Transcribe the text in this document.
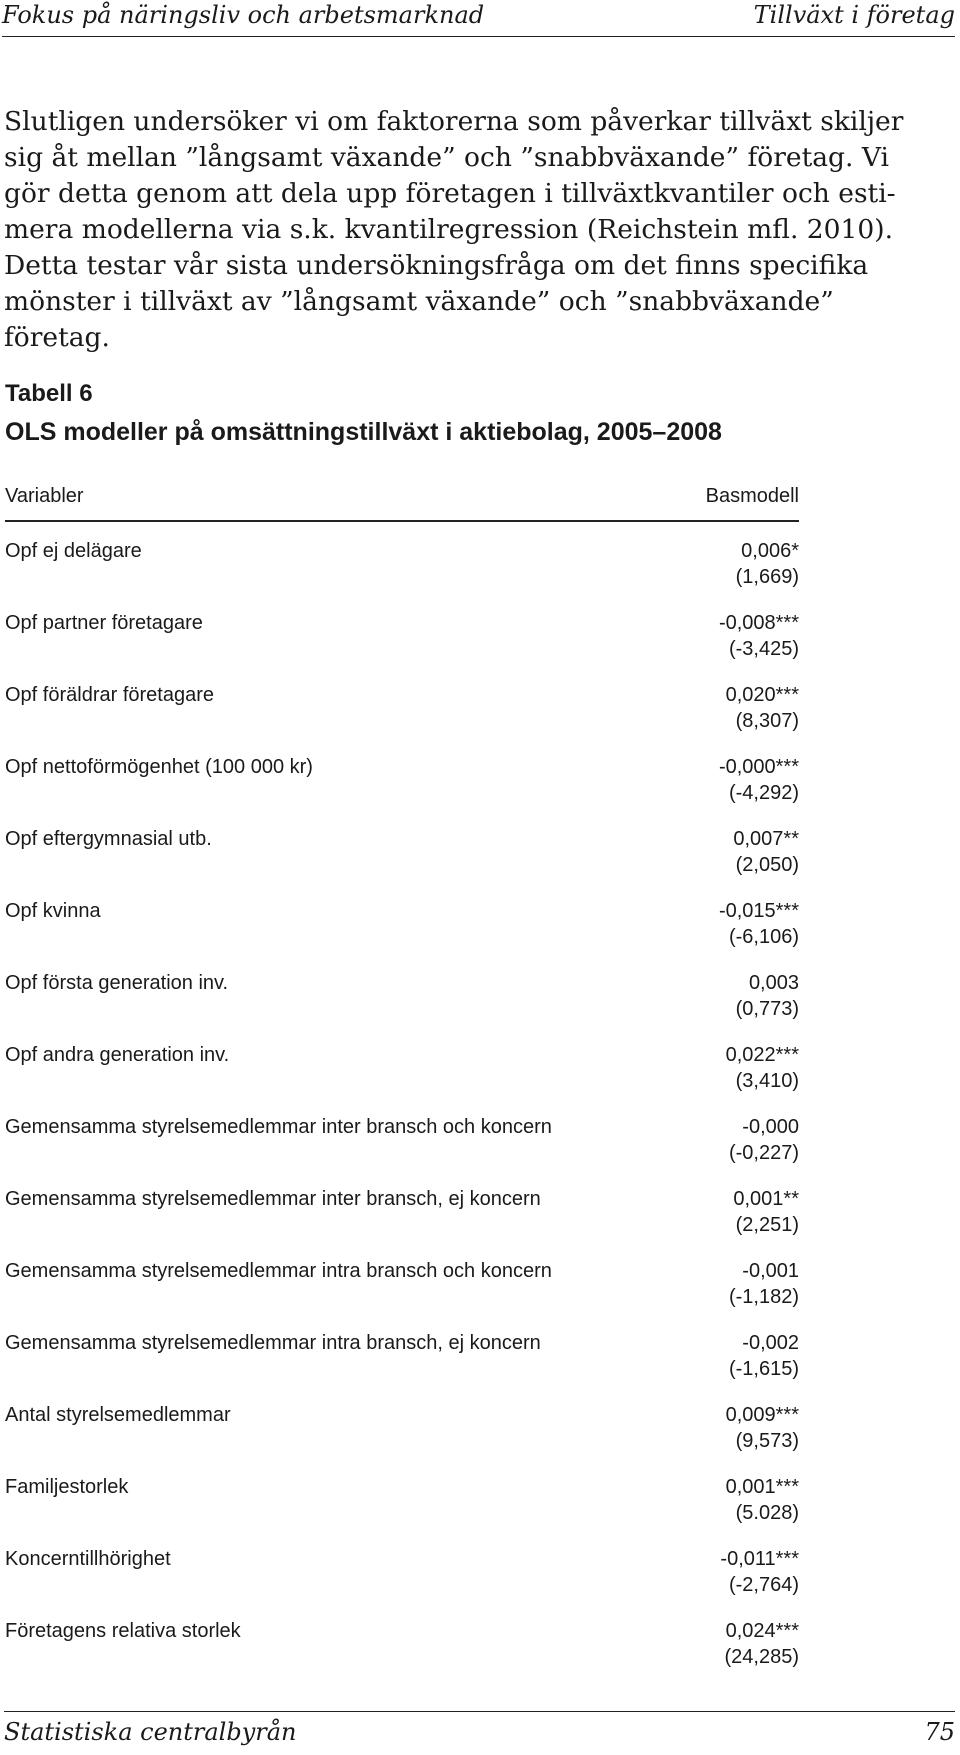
Fokus på näringsliv och arbetsmarknad	Tillväxt i företag

Slutligen undersöker vi om faktorerna som påverkar tillväxt skiljer
sig åt mellan ”långsamt växande” och ”snabbväxande” företag. Vi
gör detta genom att dela upp företagen i tillväxtkvantiler och esti-
mera modellerna via s.k. kvantilregression (Reichstein mfl. 2010).
Detta testar vår sista undersökningsfråga om det finns specifika
mönster i tillväxt av ”långsamt växande” och ”snabbväxande”
företag.

Tabell 6
OLS modeller på omsättningstillväxt i aktiebolag, 2005–2008
Variabler	Basmodell
Opf ej delägare	0,006*
(1,669)
Opf partner företagare	-0,008***
(-3,425)
Opf föräldrar företagare	0,020***
(8,307)
Opf nettoförmögenhet (100 000 kr)	-0,000***
(-4,292)
Opf eftergymnasial utb.	0,007**
(2,050)
Opf kvinna	-0,015***
(-6,106)
Opf första generation inv.	0,003
(0,773)
Opf andra generation inv.	0,022***
(3,410)
Gemensamma styrelsemedlemmar inter bransch och koncern	-0,000
(-0,227)
Gemensamma styrelsemedlemmar inter bransch, ej koncern	0,001**
(2,251)
Gemensamma styrelsemedlemmar intra bransch och koncern	-0,001
(-1,182)
Gemensamma styrelsemedlemmar intra bransch, ej koncern	-0,002
(-1,615)
Antal styrelsemedlemmar	0,009***
(9,573)
Familjestorlek	0,001***
(5.028)
Koncerntillhörighet	-0,011***
(-2,764)
Företagens relativa storlek	0,024***
(24,285)
Statistiska centralbyrån	75
